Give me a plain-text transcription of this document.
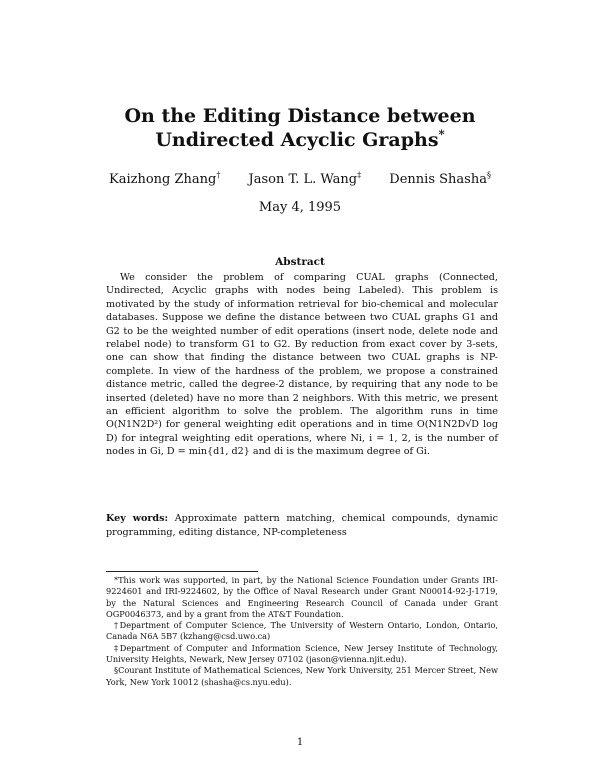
On the Editing Distance between
Undirected Acyclic Graphs*
Kaizhong Zhang† Jason T. L. Wang‡ Dennis Shasha§
May 4, 1995
Abstract
We consider the problem of comparing CUAL graphs (Connected, Undirected, Acyclic graphs with nodes being Labeled). This problem is motivated by the study of information retrieval for bio-chemical and molecular databases. Suppose we define the distance between two CUAL graphs G1 and G2 to be the weighted number of edit operations (insert node, delete node and relabel node) to transform G1 to G2. By reduction from exact cover by 3-sets, one can show that finding the distance between two CUAL graphs is NP-complete. In view of the hardness of the problem, we propose a constrained distance metric, called the degree-2 distance, by requiring that any node to be inserted (deleted) have no more than 2 neighbors. With this metric, we present an efficient algorithm to solve the problem. The algorithm runs in time O(N1N2D²) for general weighting edit operations and in time O(N1N2D√D log D) for integral weighting edit operations, where Ni, i = 1, 2, is the number of nodes in Gi, D = min{d1, d2} and di is the maximum degree of Gi.
Key words: Approximate pattern matching, chemical compounds, dynamic programming, editing distance, NP-completeness

*This work was supported, in part, by the National Science Foundation under Grants IRI-9224601 and IRI-9224602, by the Office of Naval Research under Grant N00014-92-J-1719, by the Natural Sciences and Engineering Research Council of Canada under Grant OGP0046373, and by a grant from the AT&T Foundation.

†Department of Computer Science, The University of Western Ontario, London, Ontario, Canada N6A 5B7 (kzhang@csd.uwo.ca)

‡Department of Computer and Information Science, New Jersey Institute of Technology, University Heights, Newark, New Jersey 07102 (jason@vienna.njit.edu).

§Courant Institute of Mathematical Sciences, New York University, 251 Mercer Street, New York, New York 10012 (shasha@cs.nyu.edu).

1
